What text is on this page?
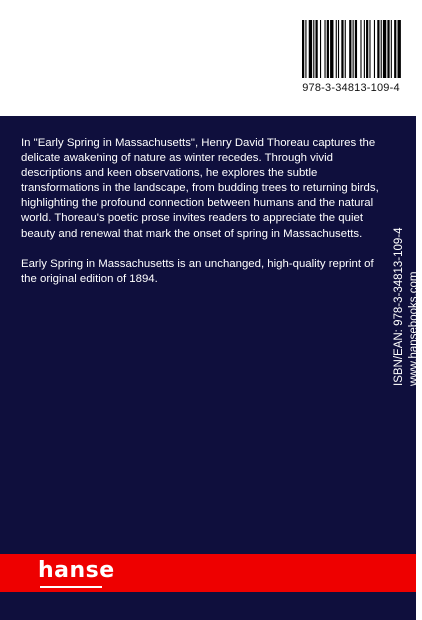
978-3-34813-109-4

In "Early Spring in Massachusetts", Henry David Thoreau captures the delicate awakening of nature as winter recedes. Through vivid descriptions and keen observations, he explores the subtle transformations in the landscape, from budding trees to returning birds, highlighting the profound connection between humans and the natural world. Thoreau's poetic prose invites readers to appreciate the quiet beauty and renewal that mark the onset of spring in Massachusetts.

Early Spring in Massachusetts is an unchanged, high-quality reprint of the original edition of 1894.	ISBN/EAN: 978-3-34813-109-4 www.hansebooks.com
hanse
